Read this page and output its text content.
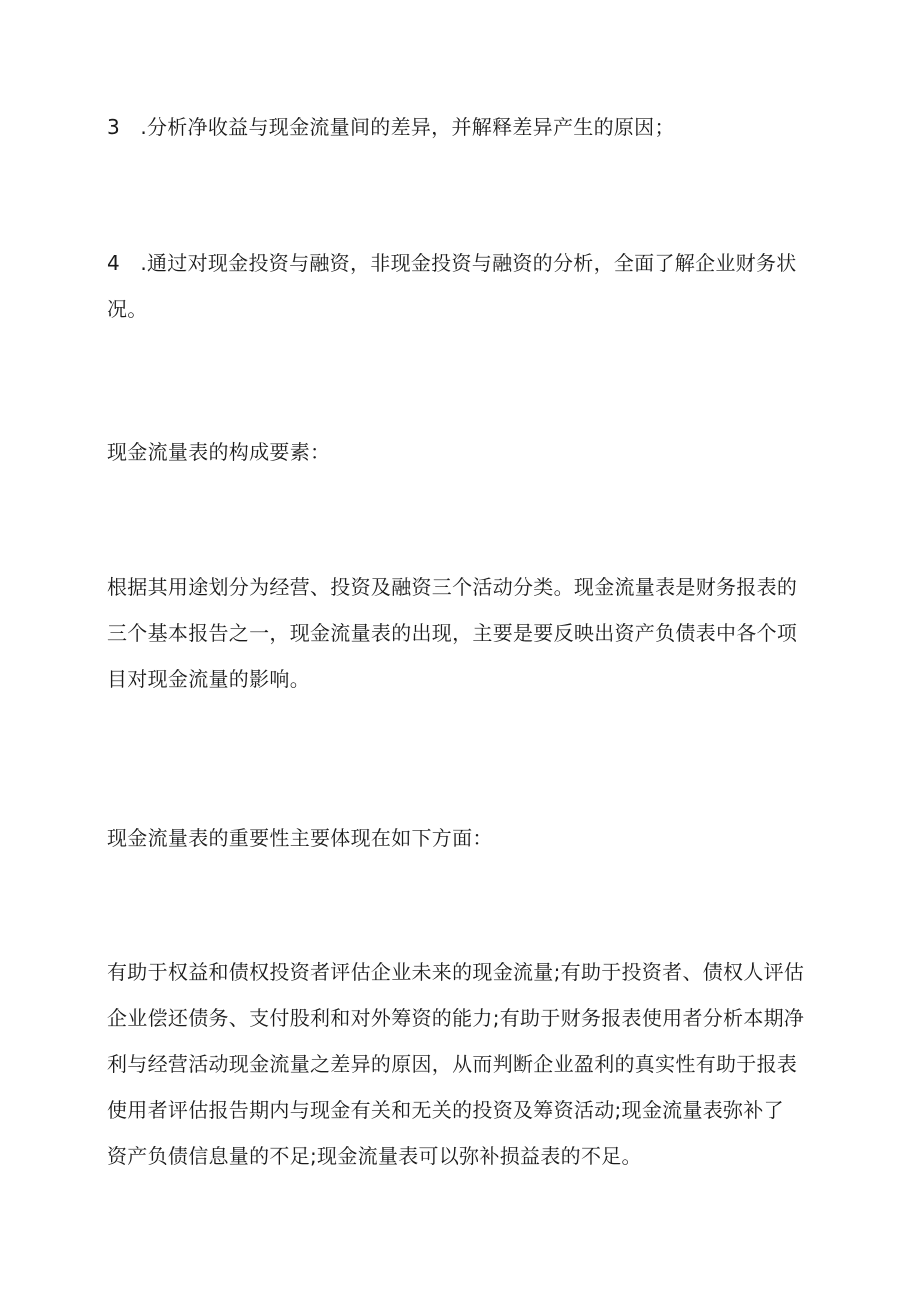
3　.分析净收益与现金流量间的差异，并解释差异产生的原因；

4　.通过对现金投资与融资，非现金投资与融资的分析，全面了解企业财务状
况。

现金流量表的构成要素：

根据其用途划分为经营、投资及融资三个活动分类。现金流量表是财务报表的
三个基本报告之一，现金流量表的出现，主要是要反映出资产负债表中各个项
目对现金流量的影响。

现金流量表的重要性主要体现在如下方面：

有助于权益和债权投资者评估企业未来的现金流量;有助于投资者、债权人评估
企业偿还债务、支付股利和对外筹资的能力;有助于财务报表使用者分析本期净
利与经营活动现金流量之差异的原因，从而判断企业盈利的真实性有助于报表
使用者评估报告期内与现金有关和无关的投资及筹资活动;现金流量表弥补了
资产负债信息量的不足;现金流量表可以弥补损益表的不足。
